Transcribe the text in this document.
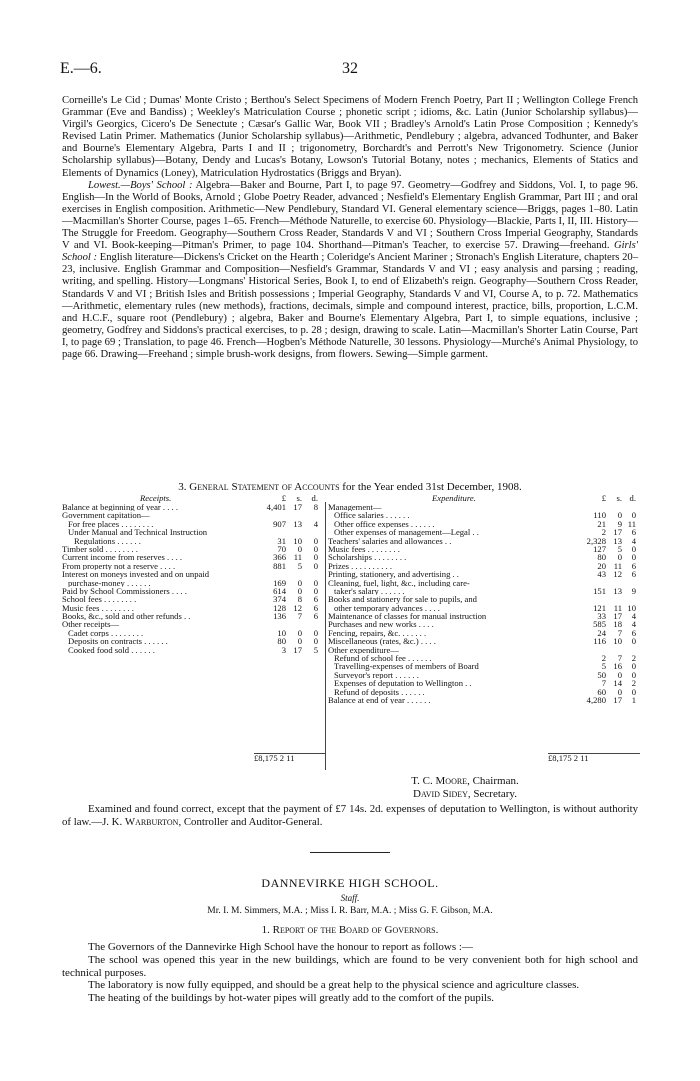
E.—6.	32

Corneille's Le Cid ; Dumas' Monte Cristo ; Berthou's Select Specimens of Modern French Poetry, Part II ; Wellington College French Grammar (Eve and Bandiss) ; Weekley's Matriculation Course ; phonetic script ; idioms, &c. Latin (Junior Scholarship syllabus)—Virgil's Georgics, Cicero's De Senectute ; Cæsar's Gallic War, Book VII ; Bradley's Arnold's Latin Prose Composition ; Kennedy's Revised Latin Primer. Mathematics (Junior Scholarship syllabus)—Arithmetic, Pendlebury ; algebra, advanced Todhunter, and Baker and Bourne's Elementary Algebra, Parts I and II ; trigonometry, Borchardt's and Perrott's New Trigonometry. Science (Junior Scholarship syllabus)—Botany, Dendy and Lucas's Botany, Lowson's Tutorial Botany, notes ; mechanics, Elements of Statics and Elements of Dynamics (Loney), Matriculation Hydrostatics (Briggs and Bryan).

Lowest.—Boys' School : Algebra—Baker and Bourne, Part I, to page 97. Geometry—Godfrey and Siddons, Vol. I, to page 96. English—In the World of Books, Arnold ; Globe Poetry Reader, advanced ; Nesfield's Elementary English Grammar, Part III ; and oral exercises in English composition. Arithmetic—New Pendlebury, Standard VI. General elementary science—Briggs, pages 1–80. Latin—Macmillan's Shorter Course, pages 1–65. French—Méthode Naturelle, to exercise 60. Physiology—Blackie, Parts I, II, III. History—The Struggle for Freedom. Geography—Southern Cross Reader, Standards V and VI ; Southern Cross Imperial Geography, Standards V and VI. Book-keeping—Pitman's Primer, to page 104. Shorthand—Pitman's Teacher, to exercise 57. Drawing—freehand. Girls' School : English literature—Dickens's Cricket on the Hearth ; Coleridge's Ancient Mariner ; Stronach's English Literature, chapters 20–23, inclusive. English Grammar and Composition—Nesfield's Grammar, Standards V and VI ; easy analysis and parsing ; reading, writing, and spelling. History—Longmans' Historical Series, Book I, to end of Elizabeth's reign. Geography—Southern Cross Reader, Standards V and VI ; British Isles and British possessions ; Imperial Geography, Standards V and VI, Course A, to p. 72. Mathematics—Arithmetic, elementary rules (new methods), fractions, decimals, simple and compound interest, practice, bills, proportion, L.C.M. and H.C.F., square root (Pendlebury) ; algebra, Baker and Bourne's Elementary Algebra, Part I, to simple equations, inclusive ; geometry, Godfrey and Siddons's practical exercises, to p. 28 ; design, drawing to scale. Latin—Macmillan's Shorter Latin Course, Part I, to page 69 ; Translation, to page 46. French—Hogben's Méthode Naturelle, 30 lessons. Physiology—Murché's Animal Physiology, to page 66. Drawing—Freehand ; simple brush-work designs, from flowers. Sewing—Simple garment.

3. General Statement of Accounts for the Year ended 31st December, 1908.
Receipts.	£	s.	d.
Balance at beginning of year . . . .	4,401 17	8
Government capitation—
For free places . . . . . . . .	907 13	4
Under Manual and Technical Instruction
Regulations . . . . . .	31 10	0
Timber sold . . . . . . . .	70	0	0
Current income from reserves . . . .	366 11	0
From property not a reserve . . . .	881	5	0
Interest on moneys invested and on unpaid
purchase-money . . . . . .	169	0	0
Paid by School Commissioners . . . .	614	0	0
School fees . . . . . . . .	374	8	6
Music fees . . . . . . . .	128 12	6
Books, &c., sold and other refunds . .	136	7	6
Other receipts—
Cadet corps . . . . . . . .	10	0	0
Deposits on contracts . . . . . .	80	0	0
Cooked food sold . . . . . .	3 17	5
Expenditure.	£	s. d.
Management—
Office salaries . . . . . .	110	0	0
Other office expenses . . . . . .	21	9 11
Other expenses of management—Legal . .	2 17	6
Teachers' salaries and allowances . .	2,328 13	4
Music fees . . . . . . . .	127	5	0
Scholarships . . . . . . . .	80	0	0
Prizes . . . . . . . . . .	20 11	6
Printing, stationery, and advertising . .	43 12	6
Cleaning, fuel, light, &c., including care-
taker's salary . . . . . .	151 13	9
Books and stationery for sale to pupils, and
other temporary advances . . . .	121 11 10
Maintenance of classes for manual instruction	33 17	4
Purchases and new works . . . .	585 18	4
Fencing, repairs, &c. . . . . . .	24	7	6
Miscellaneous (rates, &c.) . . . .	116 10	0
Other expenditure—
Refund of school fee . . . . . .	2	7	2
Travelling-expenses of members of Board	5 16	0
Surveyor's report . . . . . .	50	0	0
Expenses of deputation to Wellington . .	7 14	2
Refund of deposits . . . . . .	60	0	0
Balance at end of year . . . . . .	4,280 17	1
£8,175 2 11	£8,175 2 11
T. C. Moore, Chairman.
David Sidey, Secretary.

Examined and found correct, except that the payment of £7 14s. 2d. expenses of deputation to Wellington, is without authority of law.—J. K. Warburton, Controller and Auditor-General.

DANNEVIRKE HIGH SCHOOL.
Staff.
Mr. I. M. Simmers, M.A. ; Miss I. R. Barr, M.A. ; Miss G. F. Gibson, M.A.
1. Report of the Board of Governors.

The Governors of the Dannevirke High School have the honour to report as follows :—

The school was opened this year in the new buildings, which are found to be very convenient both for high school and technical purposes.

The laboratory is now fully equipped, and should be a great help to the physical science and agriculture classes.

The heating of the buildings by hot-water pipes will greatly add to the comfort of the pupils.
